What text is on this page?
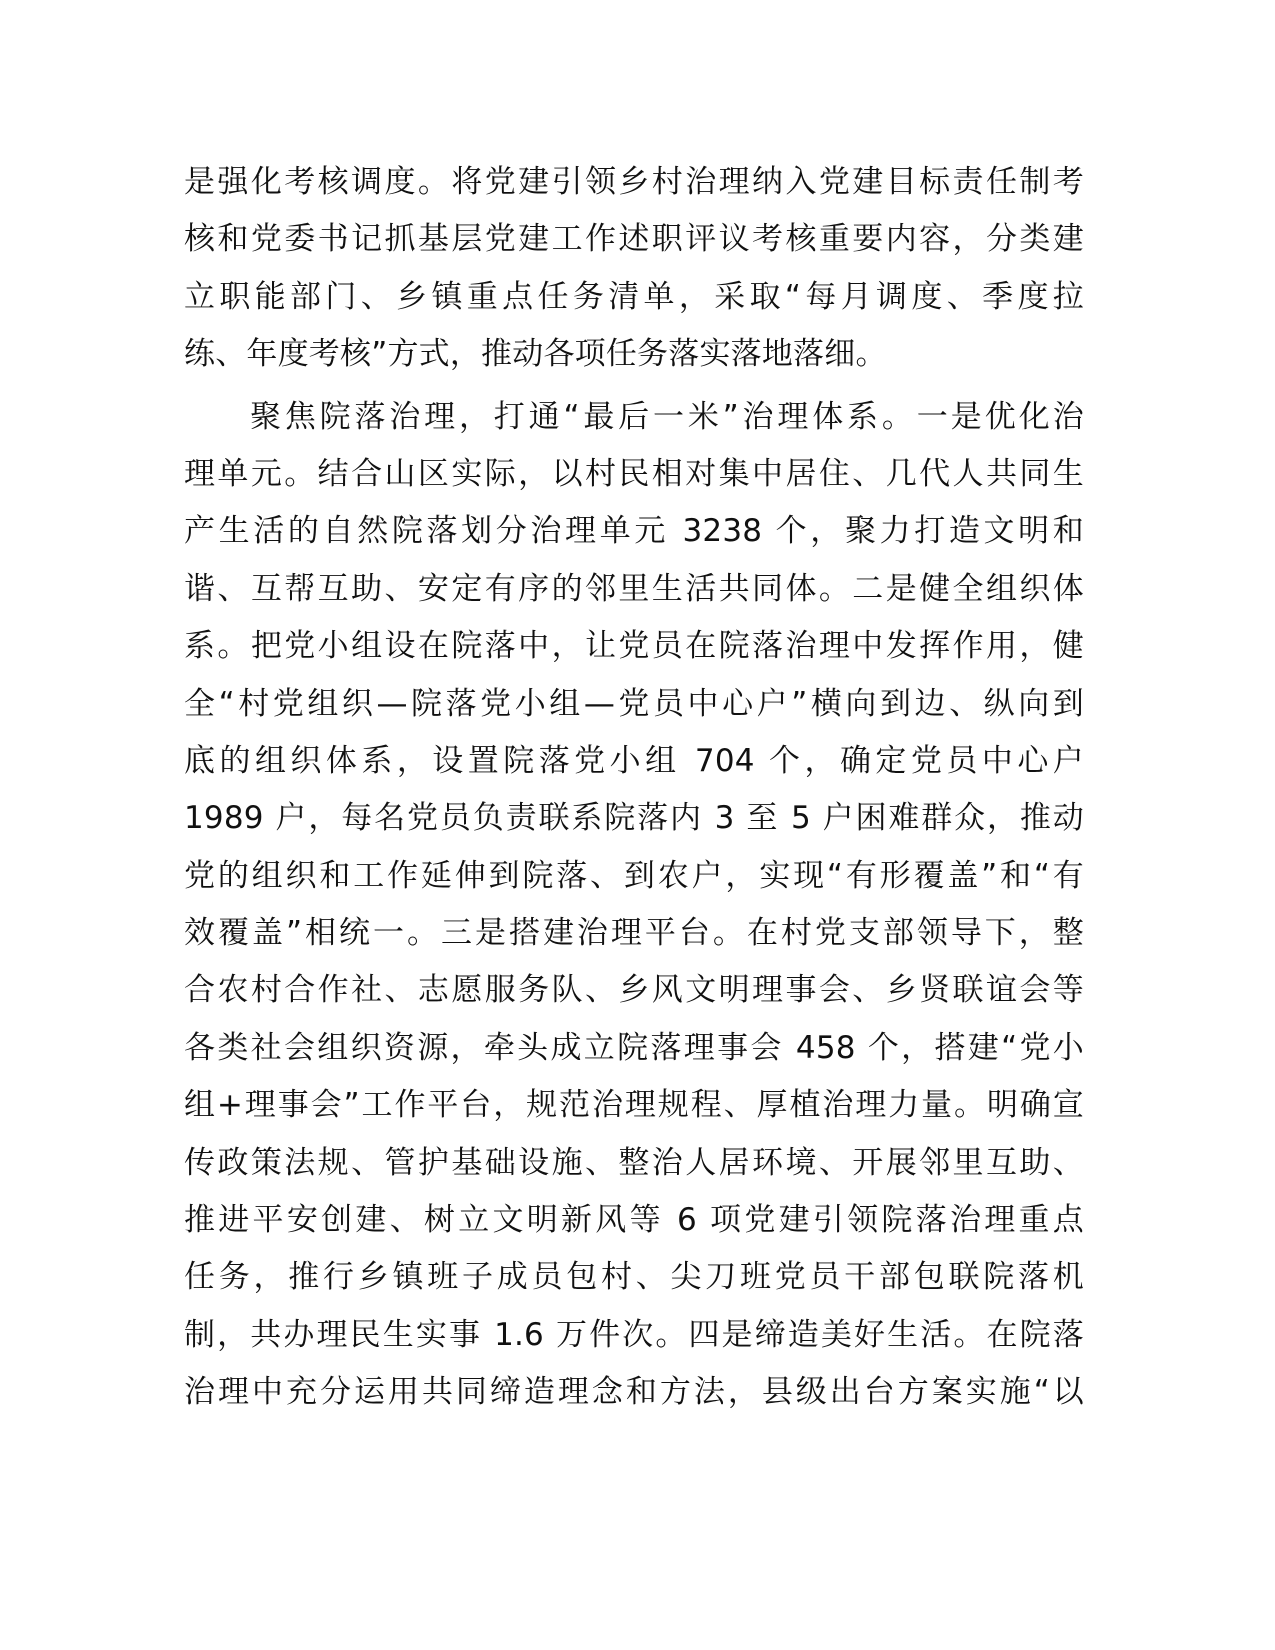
是强化考核调度。将党建引领乡村治理纳入党建目标责任制考
核和党委书记抓基层党建工作述职评议考核重要内容，分类建
立职能部门、乡镇重点任务清单，采取“每月调度、季度拉
练、年度考核”方式，推动各项任务落实落地落细。
聚焦院落治理，打通“最后一米”治理体系。一是优化治
理单元。结合山区实际，以村民相对集中居住、几代人共同生
产生活的自然院落划分治理单元 3238 个，聚力打造文明和
谐、互帮互助、安定有序的邻里生活共同体。二是健全组织体
系。把党小组设在院落中，让党员在院落治理中发挥作用，健
全“村党组织—院落党小组—党员中心户”横向到边、纵向到
底的组织体系，设置院落党小组 704 个，确定党员中心户
1989 户，每名党员负责联系院落内 3 至 5 户困难群众，推动
党的组织和工作延伸到院落、到农户，实现“有形覆盖”和“有
效覆盖”相统一。三是搭建治理平台。在村党支部领导下，整
合农村合作社、志愿服务队、乡风文明理事会、乡贤联谊会等
各类社会组织资源，牵头成立院落理事会 458 个，搭建“党小
组+理事会”工作平台，规范治理规程、厚植治理力量。明确宣
传政策法规、管护基础设施、整治人居环境、开展邻里互助、
推进平安创建、树立文明新风等 6 项党建引领院落治理重点
任务，推行乡镇班子成员包村、尖刀班党员干部包联院落机
制，共办理民生实事 1.6 万件次。四是缔造美好生活。在院落
治理中充分运用共同缔造理念和方法，县级出台方案实施“以
